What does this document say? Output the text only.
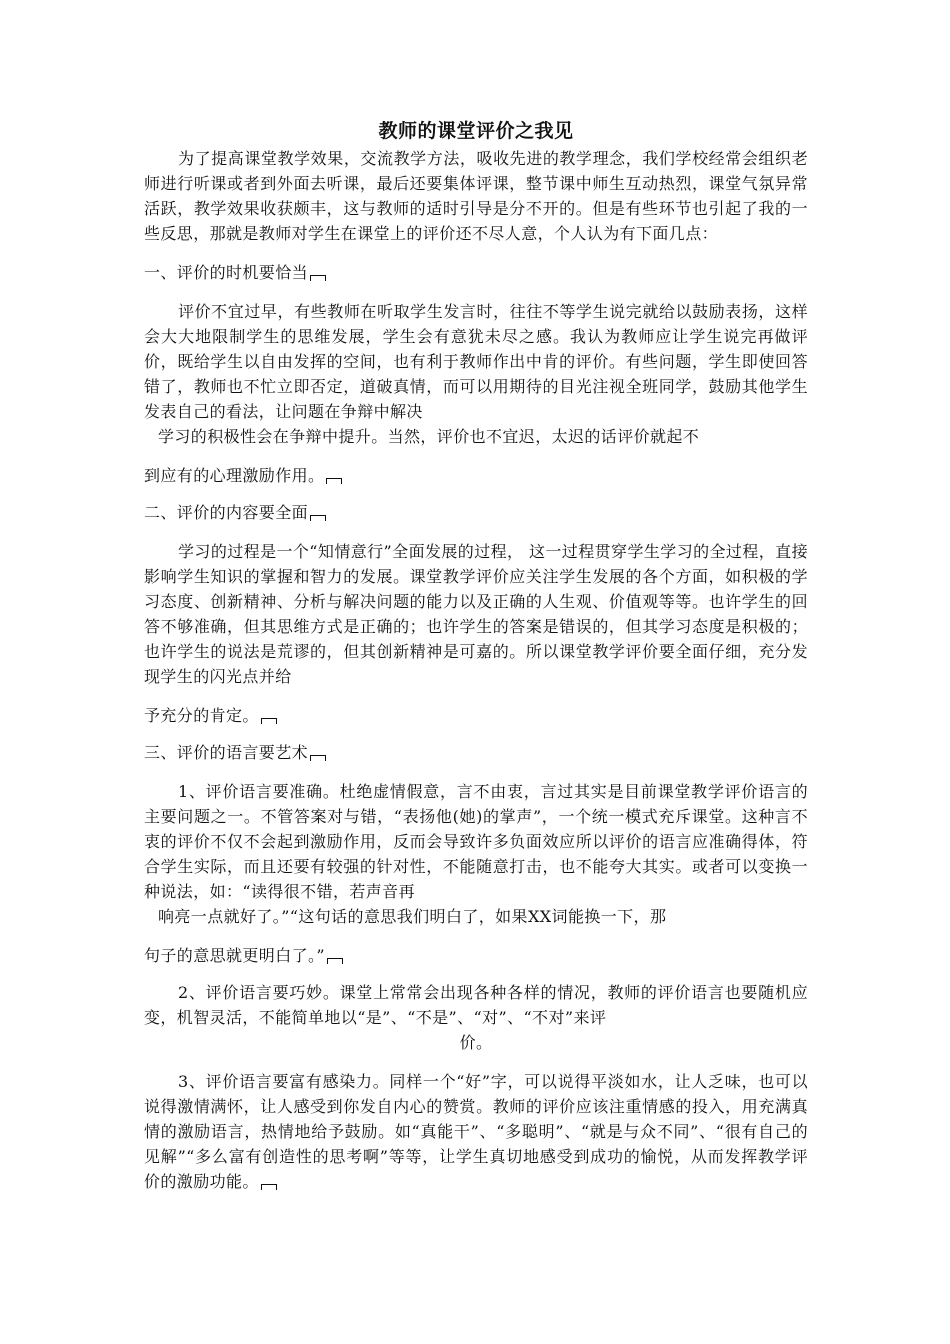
教师的课堂评价之我见

为了提高课堂教学效果，交流教学方法，吸收先进的教学理念，我们学校经常会组织老师进行听课或者到外面去听课，最后还要集体评课，整节课中师生互动热烈，课堂气氛异常活跃，教学效果收获颇丰，这与教师的适时引导是分不开的。但是有些环节也引起了我的一些反思，那就是教师对学生在课堂上的评价还不尽人意，个人认为有下面几点：

一、评价的时机要恰当

评价不宜过早，有些教师在听取学生发言时，往往不等学生说完就给以鼓励表扬，这样会大大地限制学生的思维发展，学生会有意犹未尽之感。我认为教师应让学生说完再做评价，既给学生以自由发挥的空间，也有利于教师作出中肯的评价。有些问题，学生即使回答错了，教师也不忙立即否定，道破真情，而可以用期待的目光注视全班同学，鼓励其他学生发表自己的看法，让问题在争辩中解决

学习的积极性会在争辩中提升。当然，评价也不宜迟，太迟的话评价就起不

到应有的心理激励作用。

二、评价的内容要全面

学习的过程是一个“知情意行”全面发展的过程， 这一过程贯穿学生学习的全过程，直接影响学生知识的掌握和智力的发展。课堂教学评价应关注学生发展的各个方面，如积极的学习态度、创新精神、分析与解决问题的能力以及正确的人生观、价值观等等。也许学生的回答不够准确，但其思维方式是正确的；也许学生的答案是错误的，但其学习态度是积极的；也许学生的说法是荒谬的，但其创新精神是可嘉的。所以课堂教学评价要全面仔细，充分发现学生的闪光点并给

予充分的肯定。

三、评价的语言要艺术

1、评价语言要准确。杜绝虚情假意，言不由衷，言过其实是目前课堂教学评价语言的主要问题之一。不管答案对与错，“表扬他(她)的掌声”，一个统一模式充斥课堂。这种言不衷的评价不仅不会起到激励作用，反而会导致许多负面效应所以评价的语言应准确得体，符合学生实际，而且还要有较强的针对性，不能随意打击，也不能夸大其实。或者可以变换一种说法，如：“读得很不错，若声音再

响亮一点就好了。”“这句话的意思我们明白了，如果XX词能换一下，那

句子的意思就更明白了。”

2、评价语言要巧妙。课堂上常常会出现各种各样的情况，教师的评价语言也要随机应变，机智灵活，不能简单地以“是”、“不是”、“对”、“不对”来评

价。

3、评价语言要富有感染力。同样一个“好”字，可以说得平淡如水，让人乏味，也可以说得激情满怀，让人感受到你发自内心的赞赏。教师的评价应该注重情感的投入，用充满真情的激励语言，热情地给予鼓励。如“真能干”、“多聪明”、“就是与众不同”、“很有自己的见解”“多么富有创造性的思考啊”等等，让学生真切地感受到成功的愉悦，从而发挥教学评价的激励功能。
